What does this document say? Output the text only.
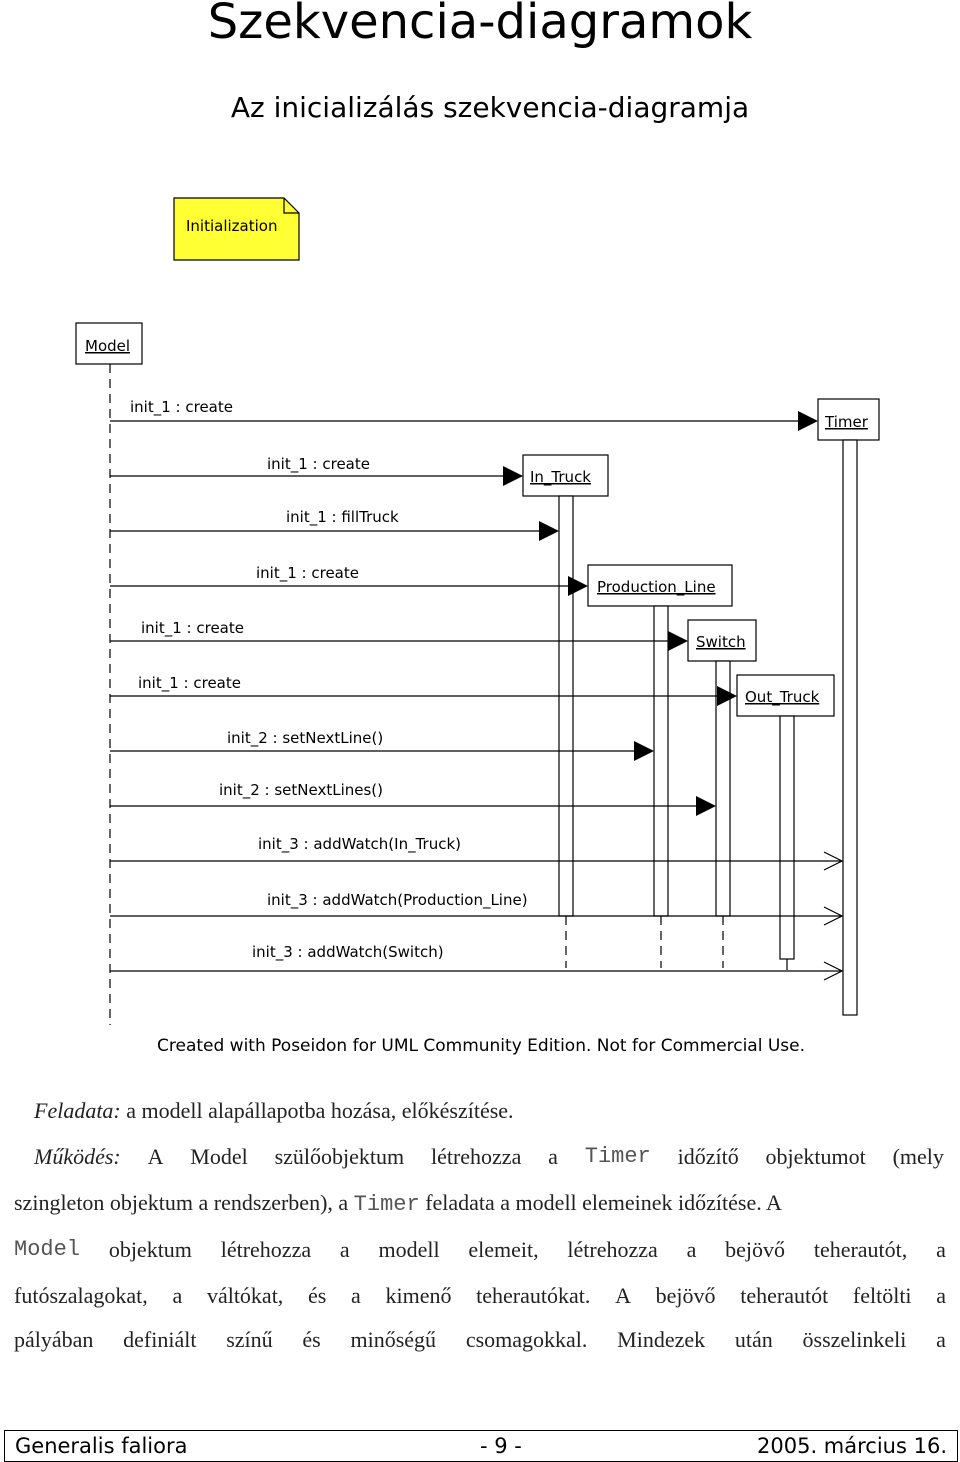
Szekvencia-diagramok
Az inicializálás szekvencia-diagramja
Initialization
Model
Timer
In_Truck
Production_Line
Switch
Out_Truck
init_1 : create
init_1 : create
init_1 : fillTruck
init_1 : create
init_1 : create
init_1 : create
init_2 : setNextLine()
init_2 : setNextLines()
init_3 : addWatch(In_Truck)
init_3 : addWatch(Production_Line)
init_3 : addWatch(Switch)
Created with Poseidon for UML Community Edition. Not for Commercial Use.
Feladata: a modell alapállapotba hozása, előkészítése.
Működés: A Model szülőobjektum létrehozza a Timer időzítő objektumot (mely
szingleton objektum a rendszerben), a Timer feladata a modell elemeinek időzítése. A
Model objektum létrehozza a modell elemeit, létrehozza a bejövő teherautót, a
futószalagokat, a váltókat, és a kimenő teherautókat. A bejövő teherautót feltölti a
pályában definiált színű és minőségű csomagokkal. Mindezek után összelinkeli a
Generalis faliora	- 9 -	2005. március 16.
